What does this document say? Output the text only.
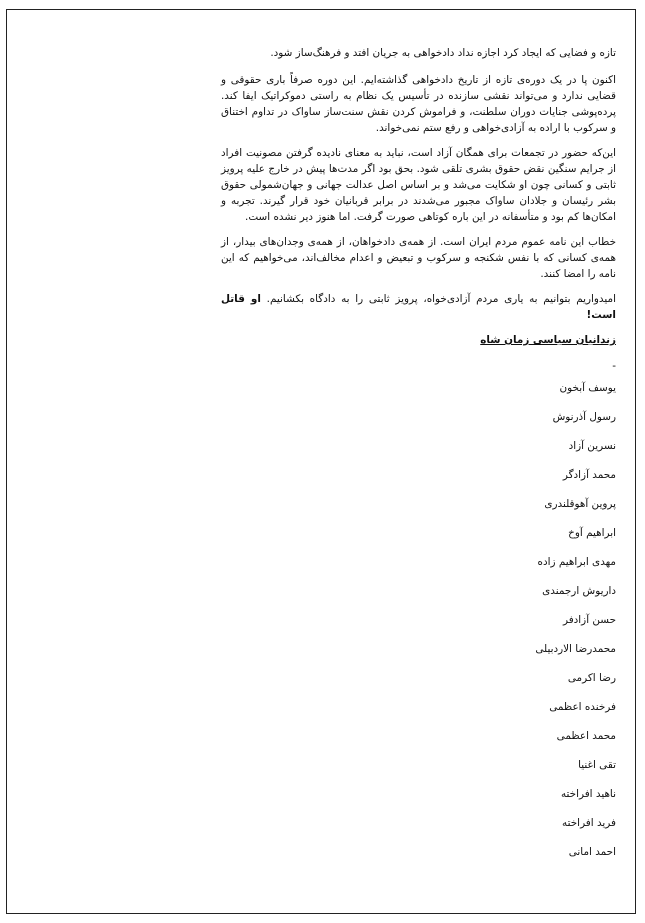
تازه و فضایی که ایجاد کرد اجازه نداد دادخواهی به جریان افتد و فرهنگ‌ساز شود.

اکنون پا در یک دوره‌ی تازه از تاریخ دادخواهی گذاشته‌ایم. این دوره صرفاً باری حقوقی و قضایی ندارد و می‌تواند نقشی سازنده در تأسیس یک نظام به راستی دموکراتیک ایفا کند. پرده‌پوشی جنایات دوران سلطنت، و فراموش کردن نقش سنت‌ساز ساواک در تداوم اختناق و سرکوب با اراده به آزادی‌خواهی و رفع ستم نمی‌خواند.

این‌که حضور در تجمعات برای همگان آزاد است، نباید به معنای نادیده گرفتن مصونیت افراد از جرایم سنگین نقض حقوق بشری تلقی شود. بحق بود اگر مدت‌ها پیش در خارج علیه پرویز ثابتی و کسانی چون او شکایت می‌شد و بر اساس اصل عدالت جهانی و جهان‌شمولی حقوق بشر رئیسان و جلادان ساواک مجبور می‌شدند در برابر قربانیان خود قرار گیرند. تجربه و امکان‌ها کم بود و متأسفانه در این باره کوتاهی صورت گرفت. اما هنوز دیر نشده است.

خطاب این نامه عموم مردم ایران است. از همه‌ی دادخواهان، از همه‌ی وجدان‌های بیدار، از همه‌ی کسانی که با نفس شکنجه و سرکوب و تبعیض و اعدام مخالف‌اند، می‌خواهیم که این نامه را امضا کنند.

امیدواریم بتوانیم به یاری مردم آزادی‌خواه، پرویز ثابتی را به دادگاه بکشانیم. او قاتل است!

زندانیان سیاسی زمان شاه

-
یوسف آبخون
رسول آذرنوش
نسرین آزاد
محمد آزادگر
پروین آهوقلندری
ابراهیم آوخ
مهدی ابراهیم زاده
داریوش ارجمندی
حسن آزادفر
محمدرضا الاردبیلی
رضا اکرمی
فرخنده اعظمی
محمد اعظمی
تقی اغنیا
ناهید افراخته
فرید افراخته
احمد امانی
